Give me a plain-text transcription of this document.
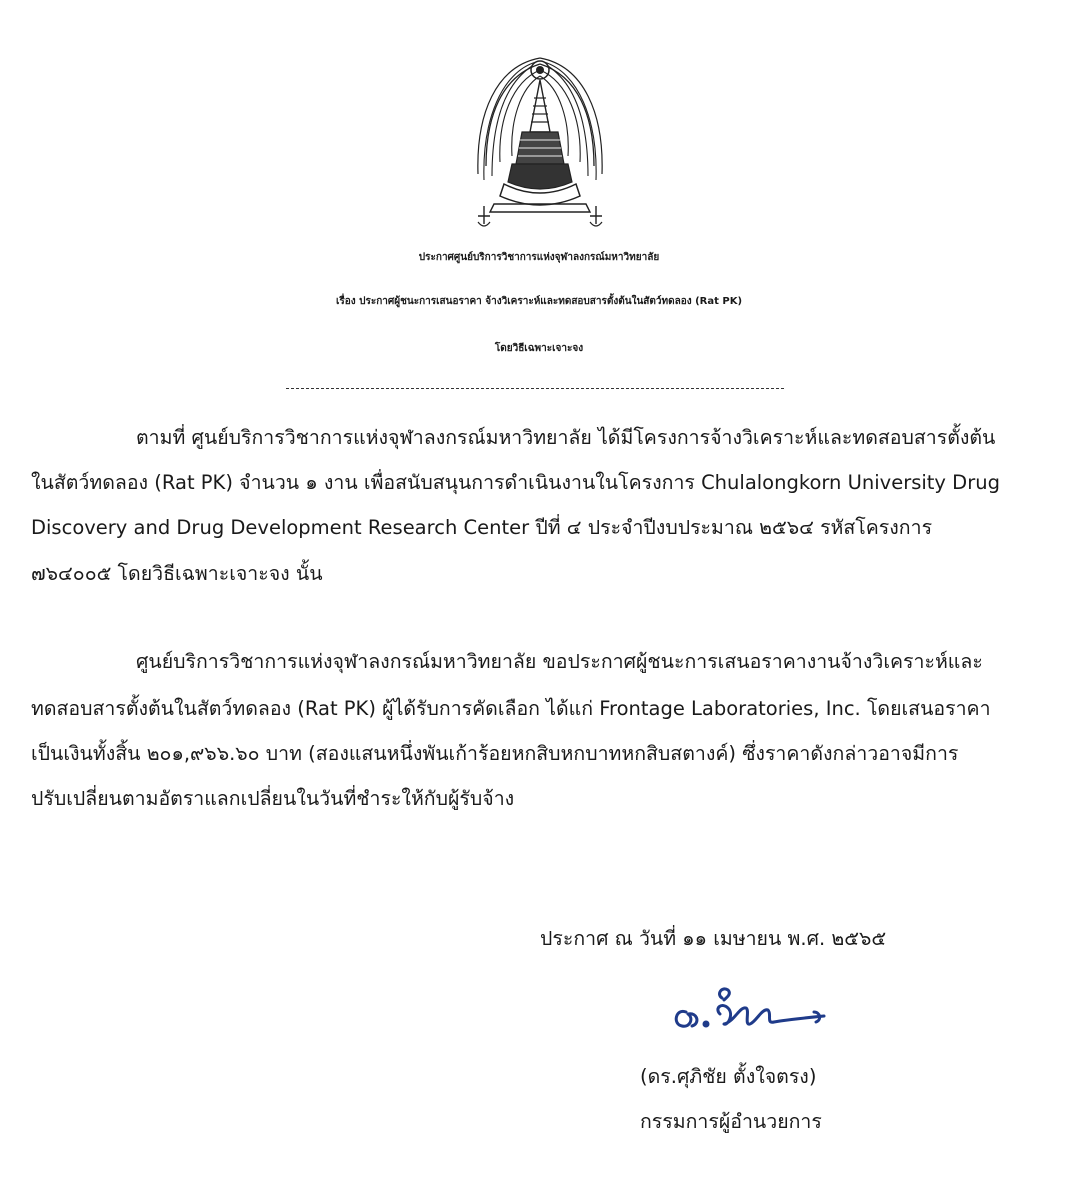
ประกาศศูนย์บริการวิชาการแห่งจุฬาลงกรณ์มหาวิทยาลัย
เรื่อง ประกาศผู้ชนะการเสนอราคา จ้างวิเคราะห์และทดสอบสารตั้งต้นในสัตว์ทดลอง (Rat PK)
โดยวิธีเฉพาะเจาะจง
ตามที่ ศูนย์บริการวิชาการแห่งจุฬาลงกรณ์มหาวิทยาลัย ได้มีโครงการจ้างวิเคราะห์และทดสอบสารตั้งต้น
ในสัตว์ทดลอง (Rat PK) จำนวน ๑ งาน เพื่อสนับสนุนการดำเนินงานในโครงการ Chulalongkorn University Drug
Discovery and Drug Development Research Center ปีที่ ๔ ประจำปีงบประมาณ ๒๕๖๔ รหัสโครงการ
๗๖๔๐๐๕ โดยวิธีเฉพาะเจาะจง นั้น
ศูนย์บริการวิชาการแห่งจุฬาลงกรณ์มหาวิทยาลัย ขอประกาศผู้ชนะการเสนอราคางานจ้างวิเคราะห์และ
ทดสอบสารตั้งต้นในสัตว์ทดลอง (Rat PK) ผู้ได้รับการคัดเลือก ได้แก่ Frontage Laboratories, Inc. โดยเสนอราคา
เป็นเงินทั้งสิ้น ๒๐๑,๙๖๖.๖๐ บาท (สองแสนหนึ่งพันเก้าร้อยหกสิบหกบาทหกสิบสตางค์) ซึ่งราคาดังกล่าวอาจมีการ
ปรับเปลี่ยนตามอัตราแลกเปลี่ยนในวันที่ชำระให้กับผู้รับจ้าง
ประกาศ ณ วันที่ ๑๑ เมษายน พ.ศ. ๒๕๖๕
(ดร.ศุภิชัย ตั้งใจตรง)
กรรมการผู้อำนวยการ
